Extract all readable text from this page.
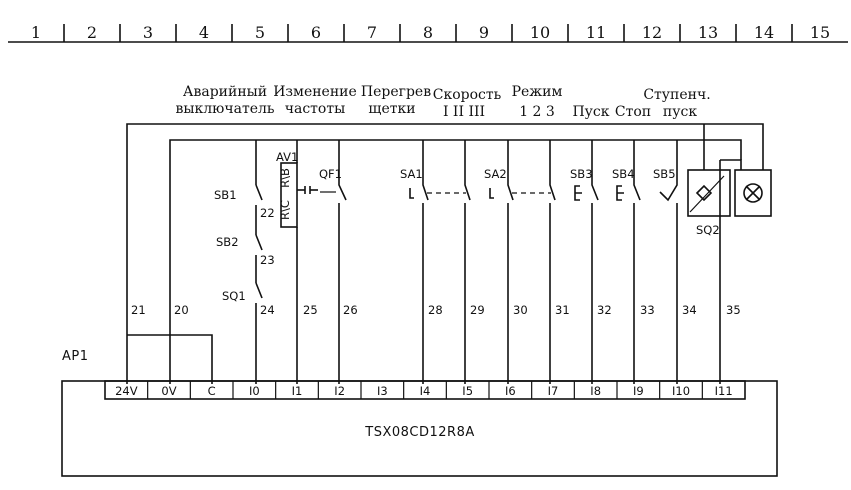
1	2	3	4	5	6	7	8	9	10 11 12 13 14 15
Аварийный
выключатель
Изменение
частоты
Перегрев
щетки
Скорость
I II III
Режим
1 2 3 Пуск Стоп
Ступенч.
пуск
SB1
SB2
SQ1
AV1
R\B
R\C
QF1	SA1	SA2	SB3 SB4 SB5
SQ2
21 20
22
23
24 25 26	28 29 30 31 32 33 34	35
AP1
24V 0V	C	I0	I1	I2	I3	I4	I5	I6	I7	I8	I9 I10 I11
TSX08CD12R8A
